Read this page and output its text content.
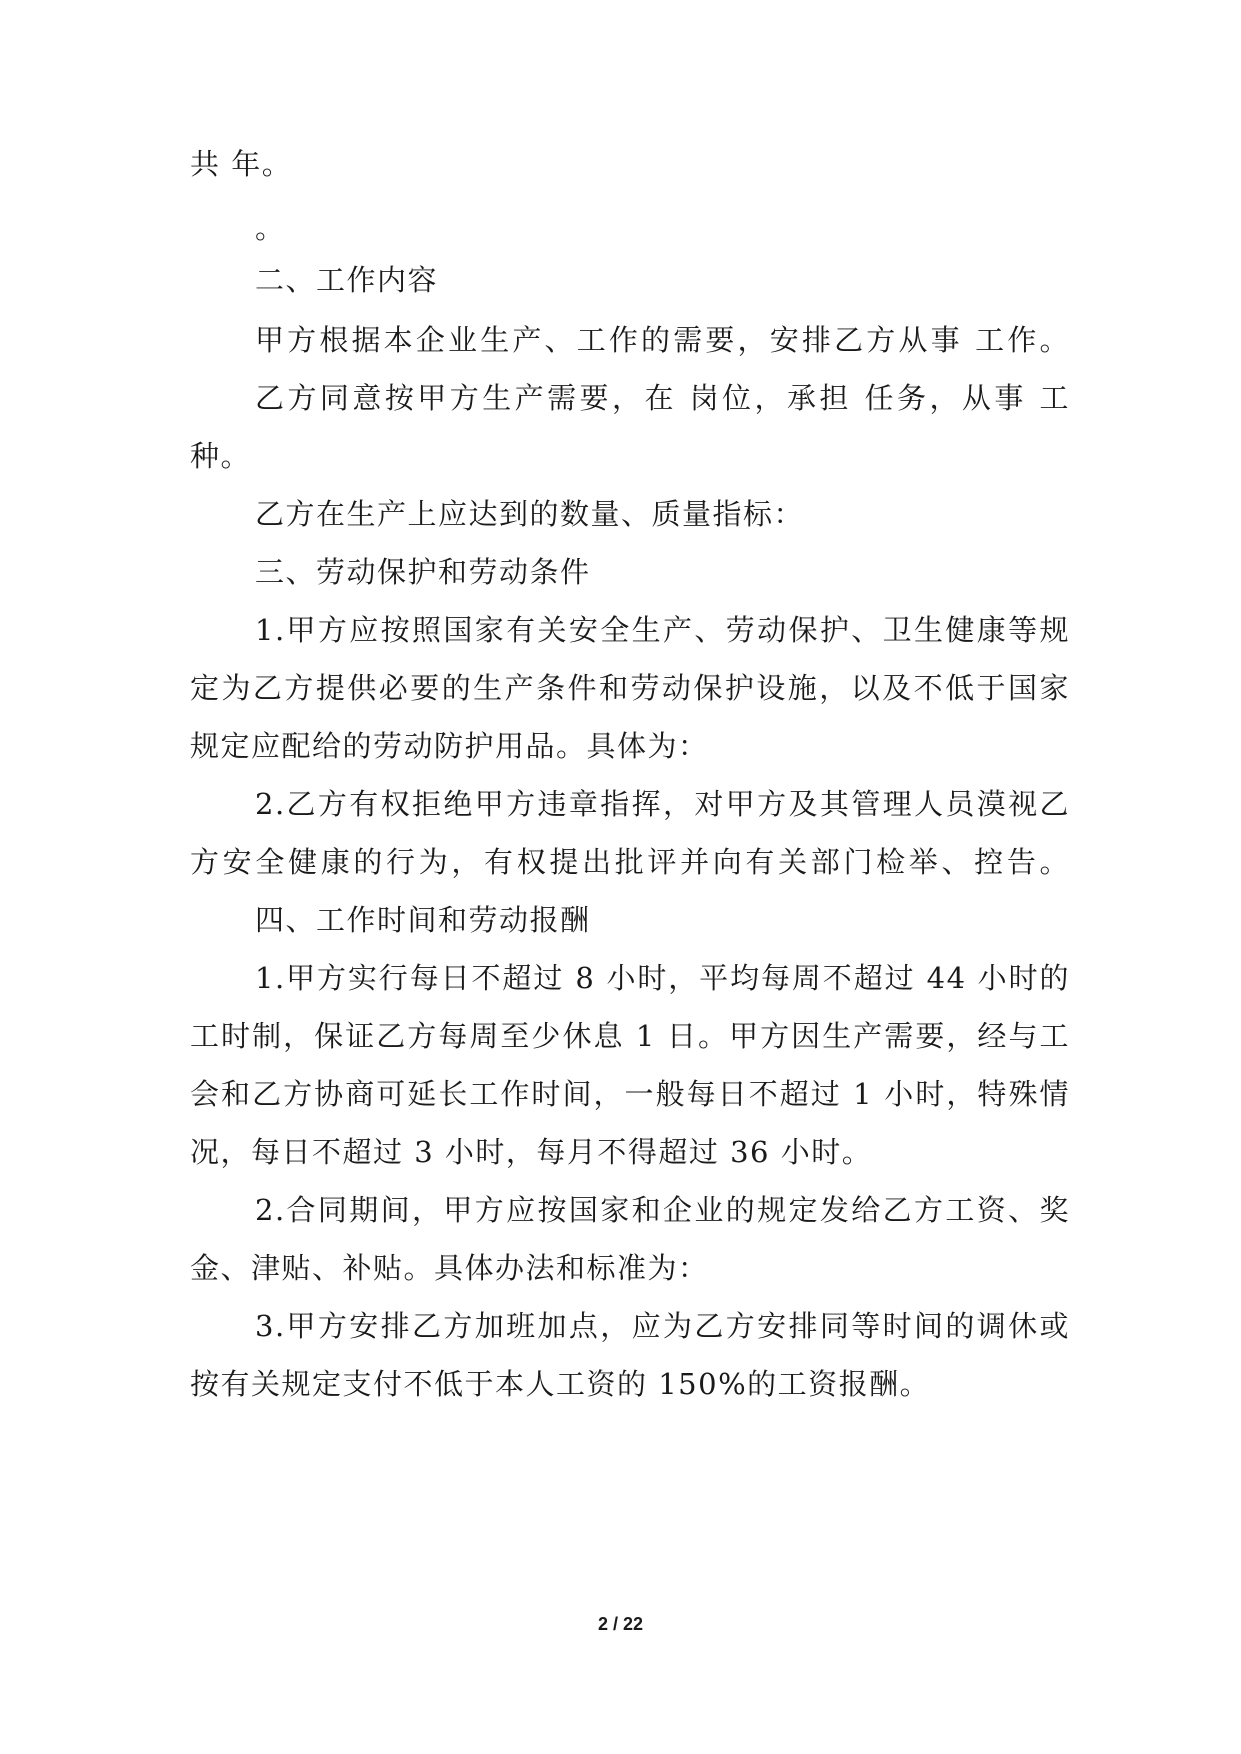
共 年。
。
二、工作内容
甲方根据本企业生产、工作的需要，安排乙方从事 工作。
乙方同意按甲方生产需要，在 岗位，承担 任务，从事 工
种。
乙方在生产上应达到的数量、质量指标：
三、劳动保护和劳动条件
1.甲方应按照国家有关安全生产、劳动保护、卫生健康等规
定为乙方提供必要的生产条件和劳动保护设施，以及不低于国家
规定应配给的劳动防护用品。具体为：
2.乙方有权拒绝甲方违章指挥，对甲方及其管理人员漠视乙
方安全健康的行为，有权提出批评并向有关部门检举、控告。
四、工作时间和劳动报酬
1.甲方实行每日不超过 8 小时，平均每周不超过 44 小时的
工时制，保证乙方每周至少休息 1 日。甲方因生产需要，经与工
会和乙方协商可延长工作时间，一般每日不超过 1 小时，特殊情
况，每日不超过 3 小时，每月不得超过 36 小时。
2.合同期间，甲方应按国家和企业的规定发给乙方工资、奖
金、津贴、补贴。具体办法和标准为：
3.甲方安排乙方加班加点，应为乙方安排同等时间的调休或
按有关规定支付不低于本人工资的 150%的工资报酬。
2 / 22
